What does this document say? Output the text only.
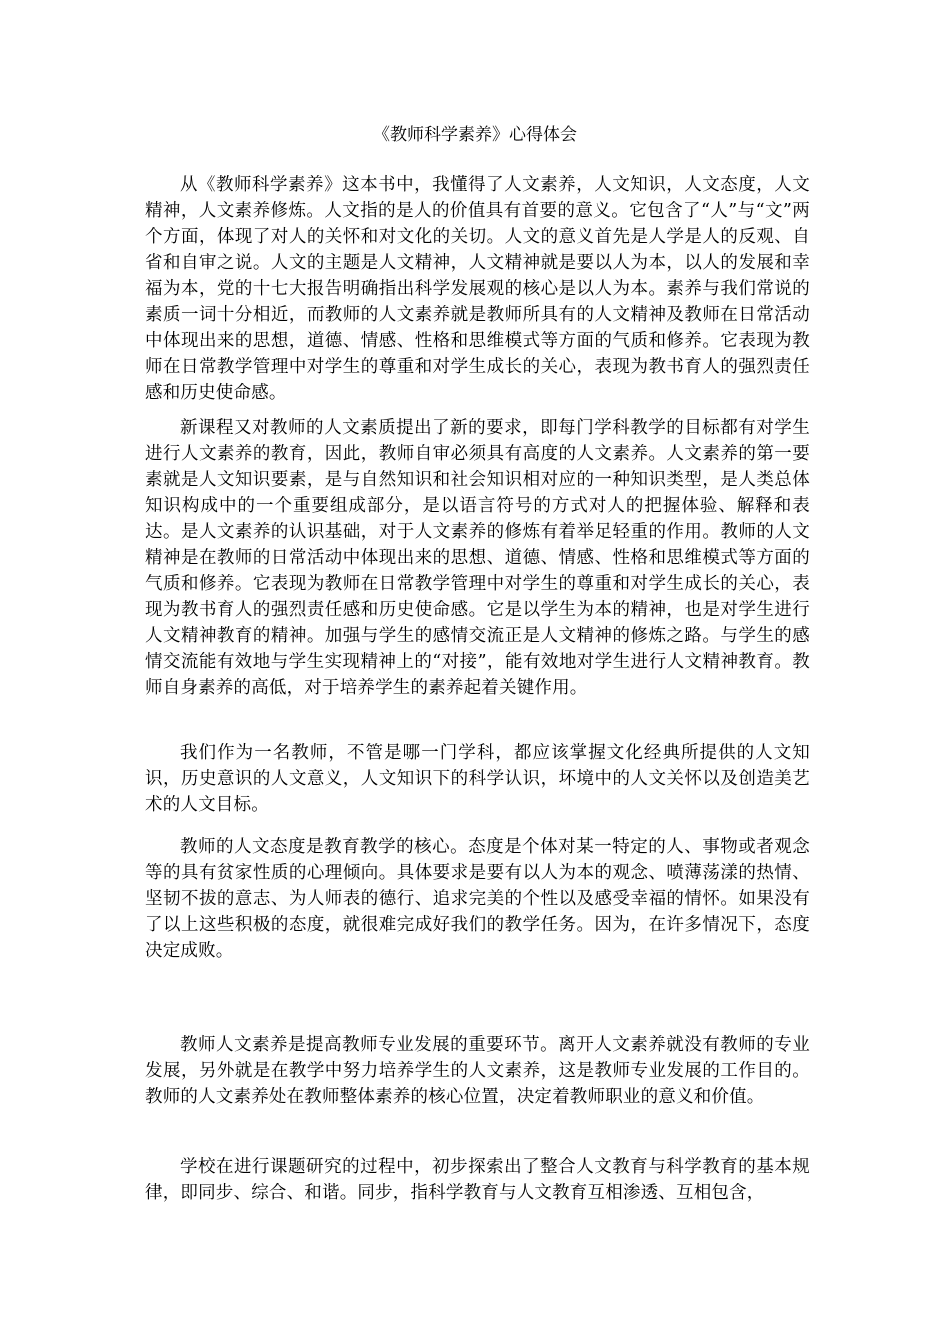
《教师科学素养》心得体会

从《教师科学素养》这本书中，我懂得了人文素养，人文知识，人文态度，人文精神，人文素养修炼。人文指的是人的价值具有首要的意义。它包含了“人”与“文”两个方面，体现了对人的关怀和对文化的关切。人文的意义首先是人学是人的反观、自省和自审之说。人文的主题是人文精神，人文精神就是要以人为本，以人的发展和幸福为本，党的十七大报告明确指出科学发展观的核心是以人为本。素养与我们常说的素质一词十分相近，而教师的人文素养就是教师所具有的人文精神及教师在日常活动中体现出来的思想，道德、情感、性格和思维模式等方面的气质和修养。它表现为教师在日常教学管理中对学生的尊重和对学生成长的关心，表现为教书育人的强烈责任感和历史使命感。

新课程又对教师的人文素质提出了新的要求，即每门学科教学的目标都有对学生进行人文素养的教育，因此，教师自审必须具有高度的人文素养。人文素养的第一要素就是人文知识要素，是与自然知识和社会知识相对应的一种知识类型，是人类总体知识构成中的一个重要组成部分，是以语言符号的方式对人的把握体验、解释和表达。是人文素养的认识基础，对于人文素养的修炼有着举足轻重的作用。教师的人文精神是在教师的日常活动中体现出来的思想、道德、情感、性格和思维模式等方面的气质和修养。它表现为教师在日常教学管理中对学生的尊重和对学生成长的关心，表现为教书育人的强烈责任感和历史使命感。它是以学生为本的精神，也是对学生进行人文精神教育的精神。加强与学生的感情交流正是人文精神的修炼之路。与学生的感情交流能有效地与学生实现精神上的“对接”，能有效地对学生进行人文精神教育。教师自身素养的高低，对于培养学生的素养起着关键作用。

我们作为一名教师，不管是哪一门学科，都应该掌握文化经典所提供的人文知识，历史意识的人文意义，人文知识下的科学认识，坏境中的人文关怀以及创造美艺术的人文目标。

教师的人文态度是教育教学的核心。态度是个体对某一特定的人、事物或者观念等的具有贫家性质的心理倾向。具体要求是要有以人为本的观念、喷薄荡漾的热情、坚韧不拔的意志、为人师表的德行、追求完美的个性以及感受幸福的情怀。如果没有了以上这些积极的态度，就很难完成好我们的教学任务。因为，在许多情况下，态度决定成败。

教师人文素养是提高教师专业发展的重要环节。离开人文素养就没有教师的专业发展，另外就是在教学中努力培养学生的人文素养，这是教师专业发展的工作目的。教师的人文素养处在教师整体素养的核心位置，决定着教师职业的意义和价值。

学校在进行课题研究的过程中，初步探索出了整合人文教育与科学教育的基本规律，即同步、综合、和谐。同步，指科学教育与人文教育互相渗透、互相包含，
